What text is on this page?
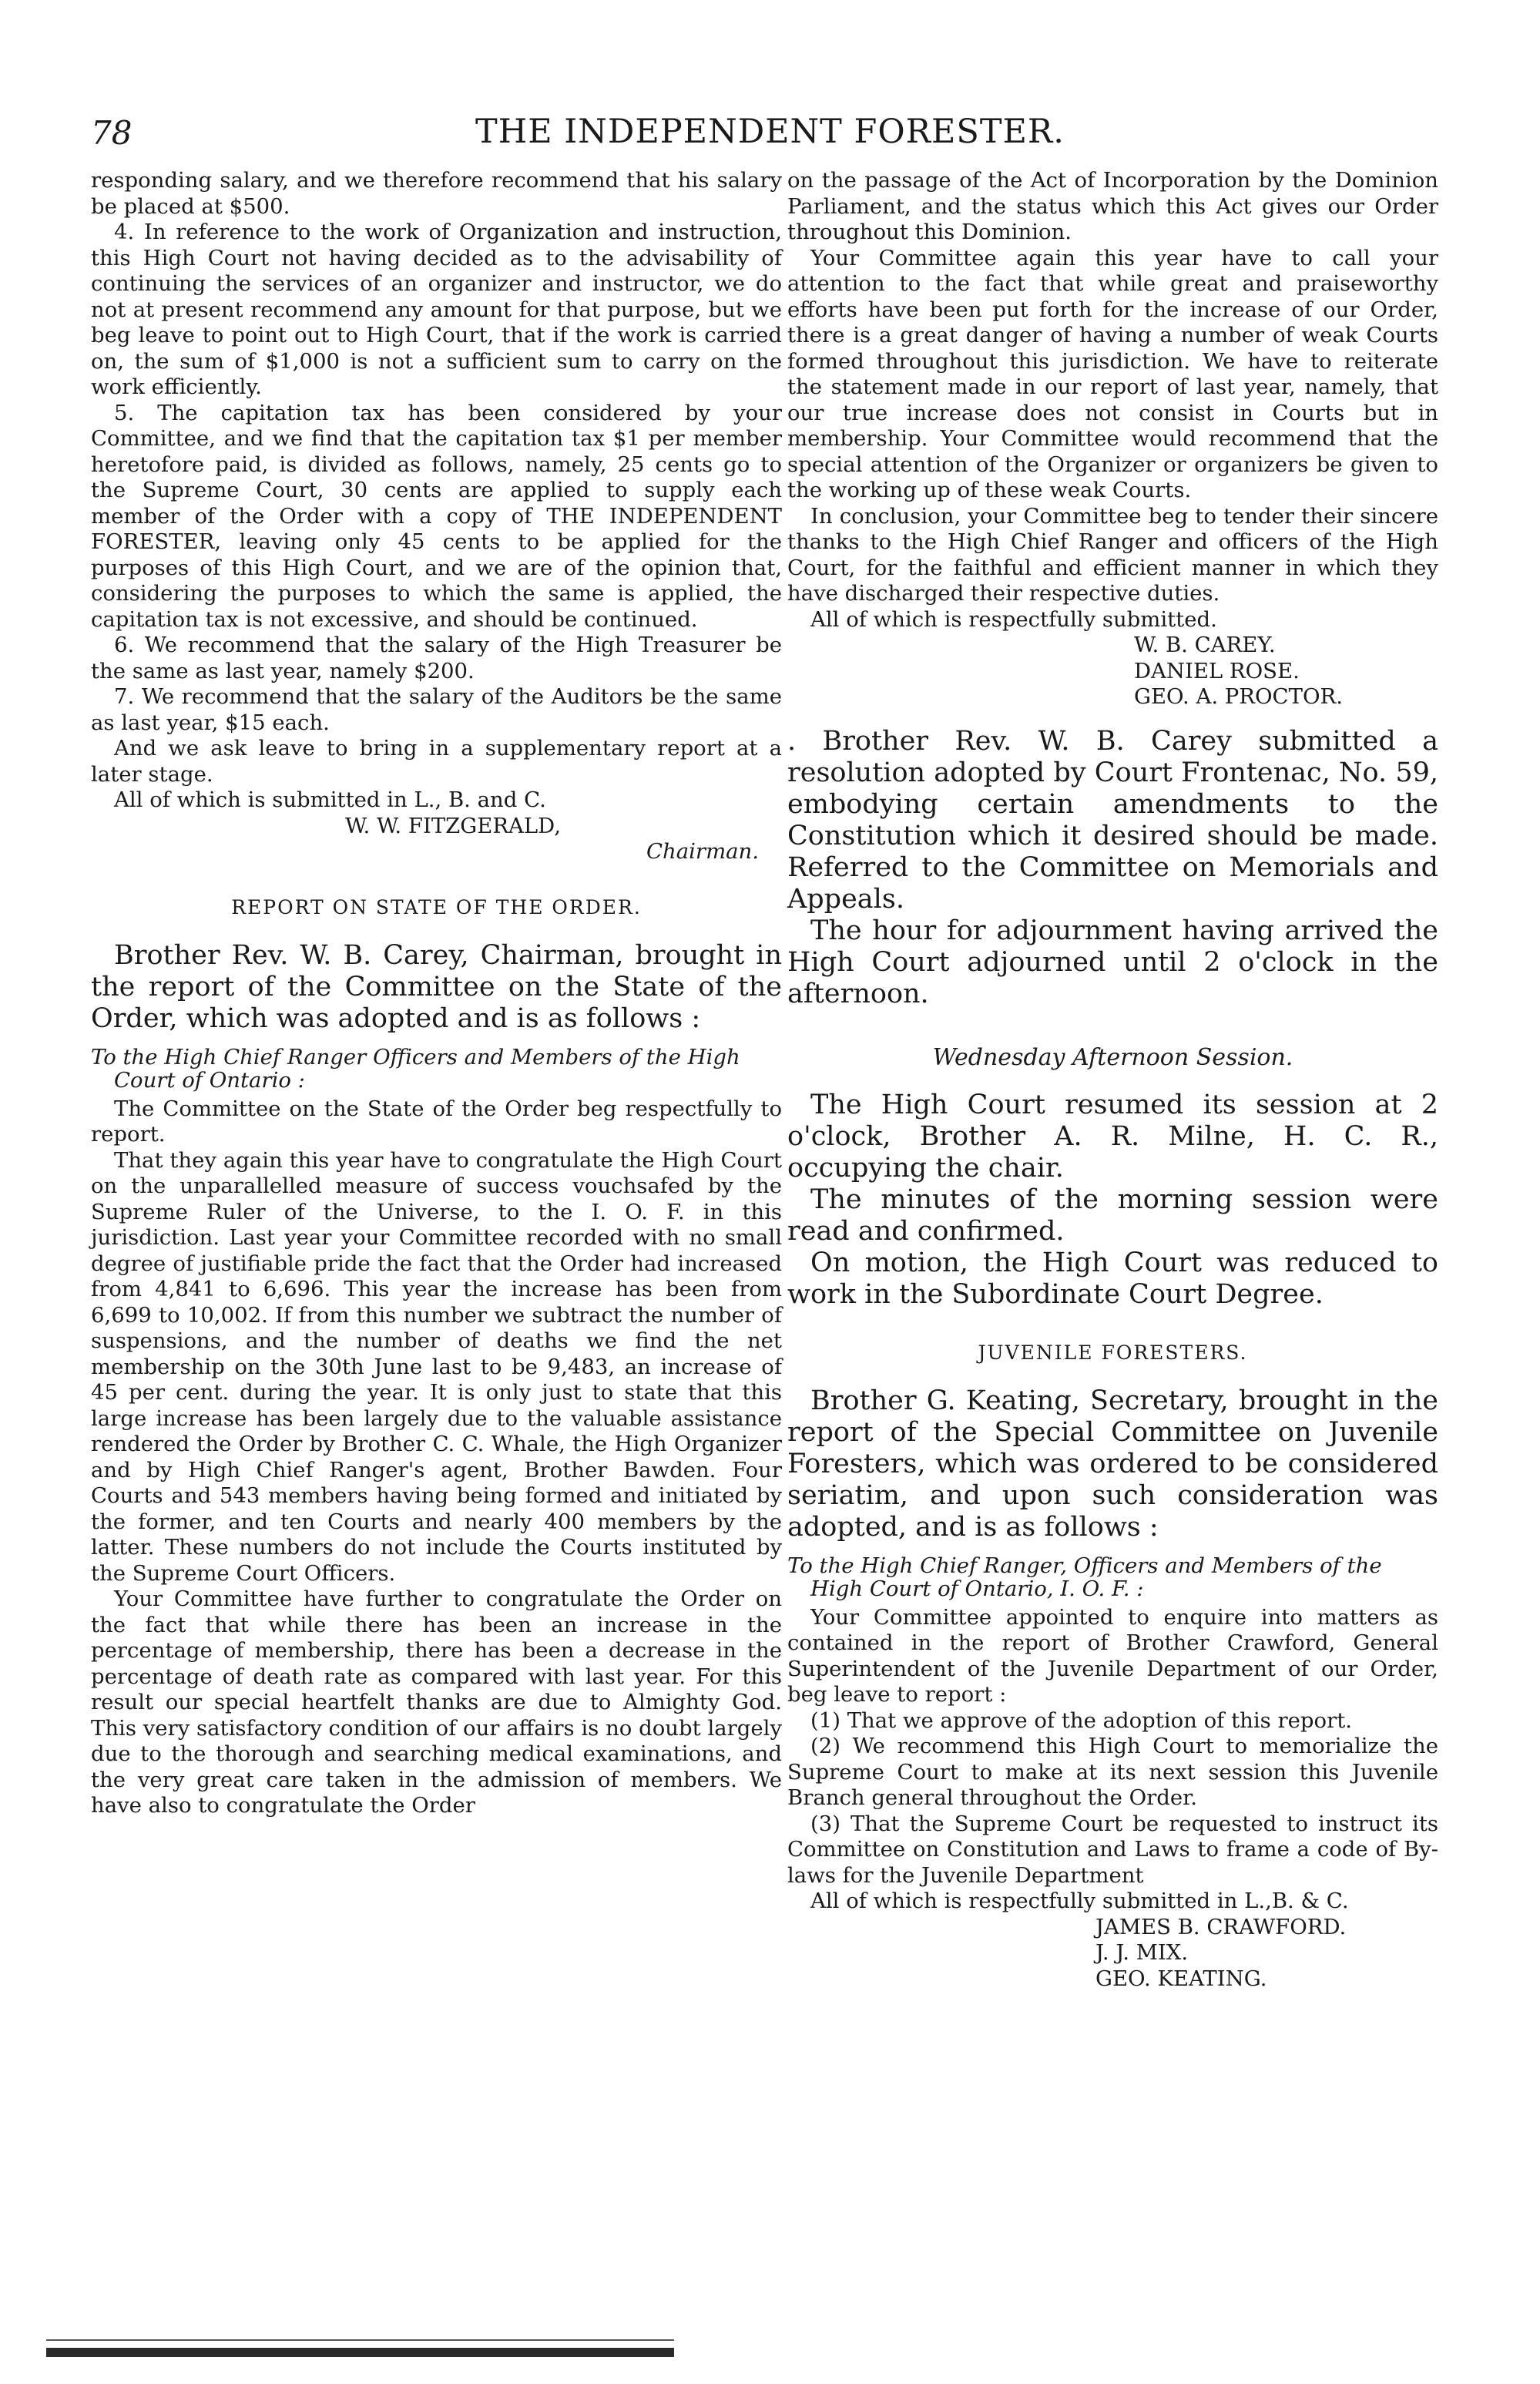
78	THE INDEPENDENT FORESTER.

responding salary, and we therefore recommend that his salary be placed at $500.

4. In reference to the work of Organization and instruction, this High Court not having decided as to the advisability of continuing the services of an organizer and instructor, we do not at present recommend any amount for that purpose, but we beg leave to point out to High Court, that if the work is carried on, the sum of $1,000 is not a sufficient sum to carry on the work efficiently.

5. The capitation tax has been considered by your Committee, and we find that the capitation tax $1 per member heretofore paid, is divided as follows, namely, 25 cents go to the Supreme Court, 30 cents are applied to supply each member of the Order with a copy of THE INDEPENDENT FORESTER, leaving only 45 cents to be applied for the purposes of this High Court, and we are of the opinion that, considering the purposes to which the same is applied, the capitation tax is not excessive, and should be continued.

6. We recommend that the salary of the High Treasurer be the same as last year, namely $200.

7. We recommend that the salary of the Auditors be the same as last year, $15 each.

And we ask leave to bring in a supplementary report at a later stage.

All of which is submitted in L., B. and C.

W. W. FITZGERALD,
Chairman.
REPORT ON STATE OF THE ORDER.

Brother Rev. W. B. Carey, Chairman, brought in the report of the Committee on the State of the Order, which was adopted and is as follows :

To the High Chief Ranger Officers and Members of the High Court of Ontario :

The Committee on the State of the Order beg respectfully to report.

That they again this year have to congratulate the High Court on the unparallelled measure of success vouchsafed by the Supreme Ruler of the Universe, to the I. O. F. in this jurisdiction. Last year your Committee recorded with no small degree of justifiable pride the fact that the Order had increased from 4,841 to 6,696. This year the increase has been from 6,699 to 10,002. If from this number we subtract the number of suspensions, and the number of deaths we find the net membership on the 30th June last to be 9,483, an increase of 45 per cent. during the year. It is only just to state that this large increase has been largely due to the valuable assistance rendered the Order by Brother C. C. Whale, the High Organizer and by High Chief Ranger's agent, Brother Bawden. Four Courts and 543 members having being formed and initiated by the former, and ten Courts and nearly 400 members by the latter. These numbers do not include the Courts instituted by the Supreme Court Officers.

Your Committee have further to congratulate the Order on the fact that while there has been an increase in the percentage of membership, there has been a decrease in the percentage of death rate as compared with last year. For this result our special heartfelt thanks are due to Almighty God. This very satisfactory condition of our affairs is no doubt largely due to the thorough and searching medical examinations, and the very great care taken in the admission of members. We have also to congratulate the Order

on the passage of the Act of Incorporation by the Dominion Parliament, and the status which this Act gives our Order throughout this Dominion.

Your Committee again this year have to call your attention to the fact that while great and praiseworthy efforts have been put forth for the increase of our Order, there is a great danger of having a number of weak Courts formed throughout this jurisdiction. We have to reiterate the statement made in our report of last year, namely, that our true increase does not consist in Courts but in membership. Your Committee would recommend that the special attention of the Organizer or organizers be given to the working up of these weak Courts.

In conclusion, your Committee beg to tender their sincere thanks to the High Chief Ranger and officers of the High Court, for the faithful and efficient manner in which they have discharged their respective duties.

All of which is respectfully submitted.

W. B. CAREY.
DANIEL ROSE.
GEO. A. PROCTOR.

. Brother Rev. W. B. Carey submitted a resolution adopted by Court Frontenac, No. 59, embodying certain amendments to the Constitution which it desired should be made. Referred to the Committee on Memorials and Appeals.

The hour for adjournment having arrived the High Court adjourned until 2 o'clock in the afternoon.

Wednesday Afternoon Session.

The High Court resumed its session at 2 o'clock, Brother A. R. Milne, H. C. R., occupying the chair.

The minutes of the morning session were read and confirmed.

On motion, the High Court was reduced to work in the Subordinate Court Degree.

JUVENILE FORESTERS.

Brother G. Keating, Secretary, brought in the report of the Special Committee on Juvenile Foresters, which was ordered to be considered seriatim, and upon such consideration was adopted, and is as follows :

To the High Chief Ranger, Officers and Members of the High Court of Ontario, I. O. F. :

Your Committee appointed to enquire into matters as contained in the report of Brother Crawford, General Superintendent of the Juvenile Department of our Order, beg leave to report :

(1) That we approve of the adoption of this report.

(2) We recommend this High Court to memorialize the Supreme Court to make at its next session this Juvenile Branch general throughout the Order.

(3) That the Supreme Court be requested to instruct its Committee on Constitution and Laws to frame a code of By-laws for the Juvenile Department

All of which is respectfully submitted in L.,B. & C.

JAMES B. CRAWFORD.
J. J. MIX.
GEO. KEATING.
